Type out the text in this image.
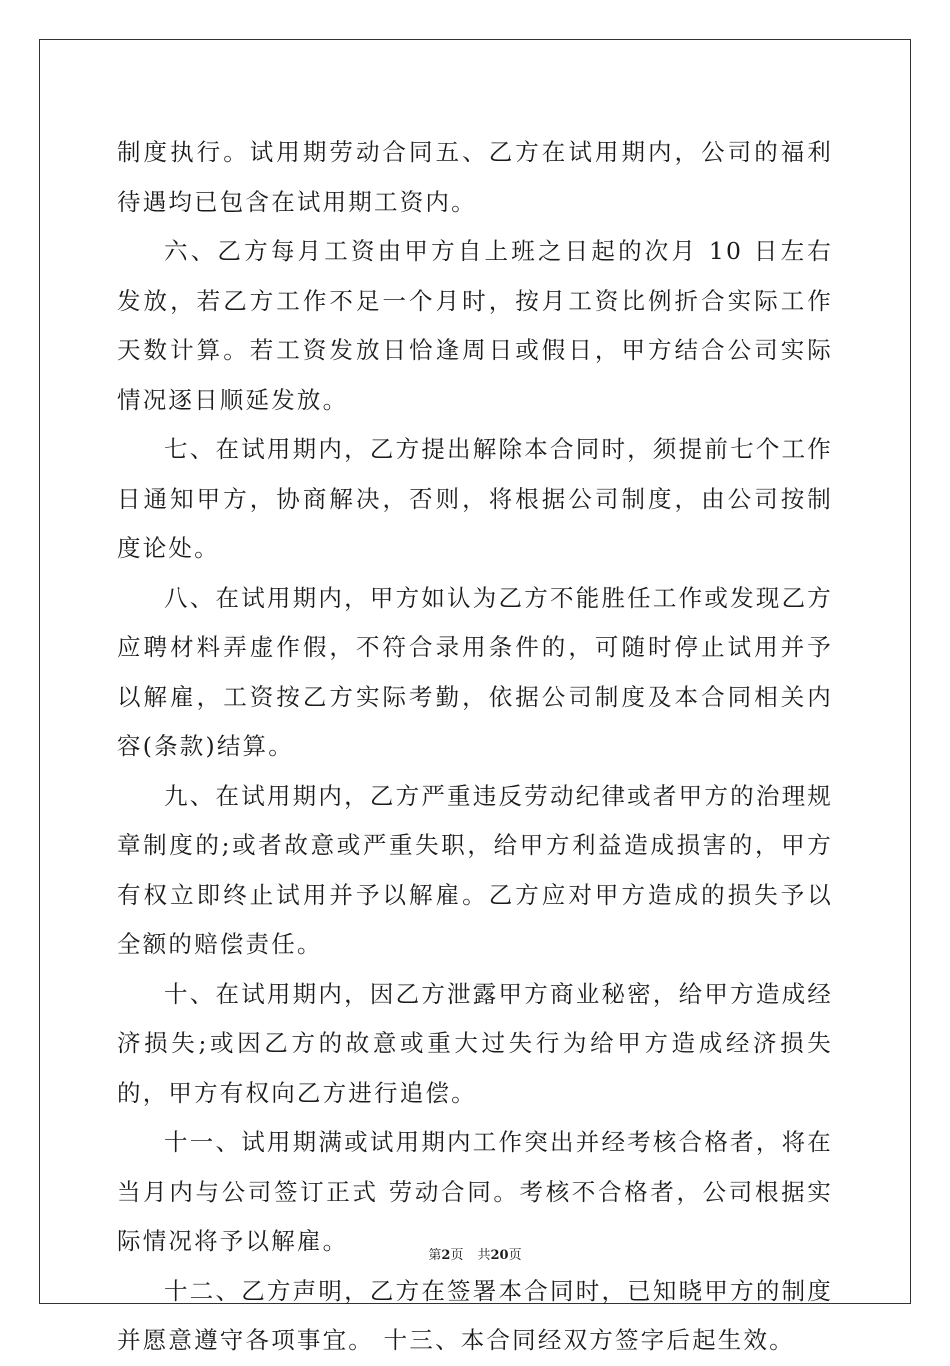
制度执行。试用期劳动合同五、乙方在试用期内，公司的福利待遇均已包含在试用期工资内。

六、乙方每月工资由甲方自上班之日起的次月 10 日左右发放，若乙方工作不足一个月时，按月工资比例折合实际工作天数计算。若工资发放日恰逢周日或假日，甲方结合公司实际情况逐日顺延发放。

七、在试用期内，乙方提出解除本合同时，须提前七个工作日通知甲方，协商解决，否则，将根据公司制度，由公司按制度论处。

八、在试用期内，甲方如认为乙方不能胜任工作或发现乙方应聘材料弄虚作假，不符合录用条件的，可随时停止试用并予以解雇，工资按乙方实际考勤，依据公司制度及本合同相关内容(条款)结算。

九、在试用期内，乙方严重违反劳动纪律或者甲方的治理规章制度的;或者故意或严重失职，给甲方利益造成损害的，甲方有权立即终止试用并予以解雇。乙方应对甲方造成的损失予以全额的赔偿责任。

十、在试用期内，因乙方泄露甲方商业秘密，给甲方造成经济损失;或因乙方的故意或重大过失行为给甲方造成经济损失的，甲方有权向乙方进行追偿。

十一、试用期满或试用期内工作突出并经考核合格者，将在当月内与公司签订正式 劳动合同。考核不合格者，公司根据实际情况将予以解雇。

十二、乙方声明，乙方在签署本合同时，已知晓甲方的制度并愿意遵守各项事宜。 十三、本合同经双方签字后起生效。

第2页 共20页
